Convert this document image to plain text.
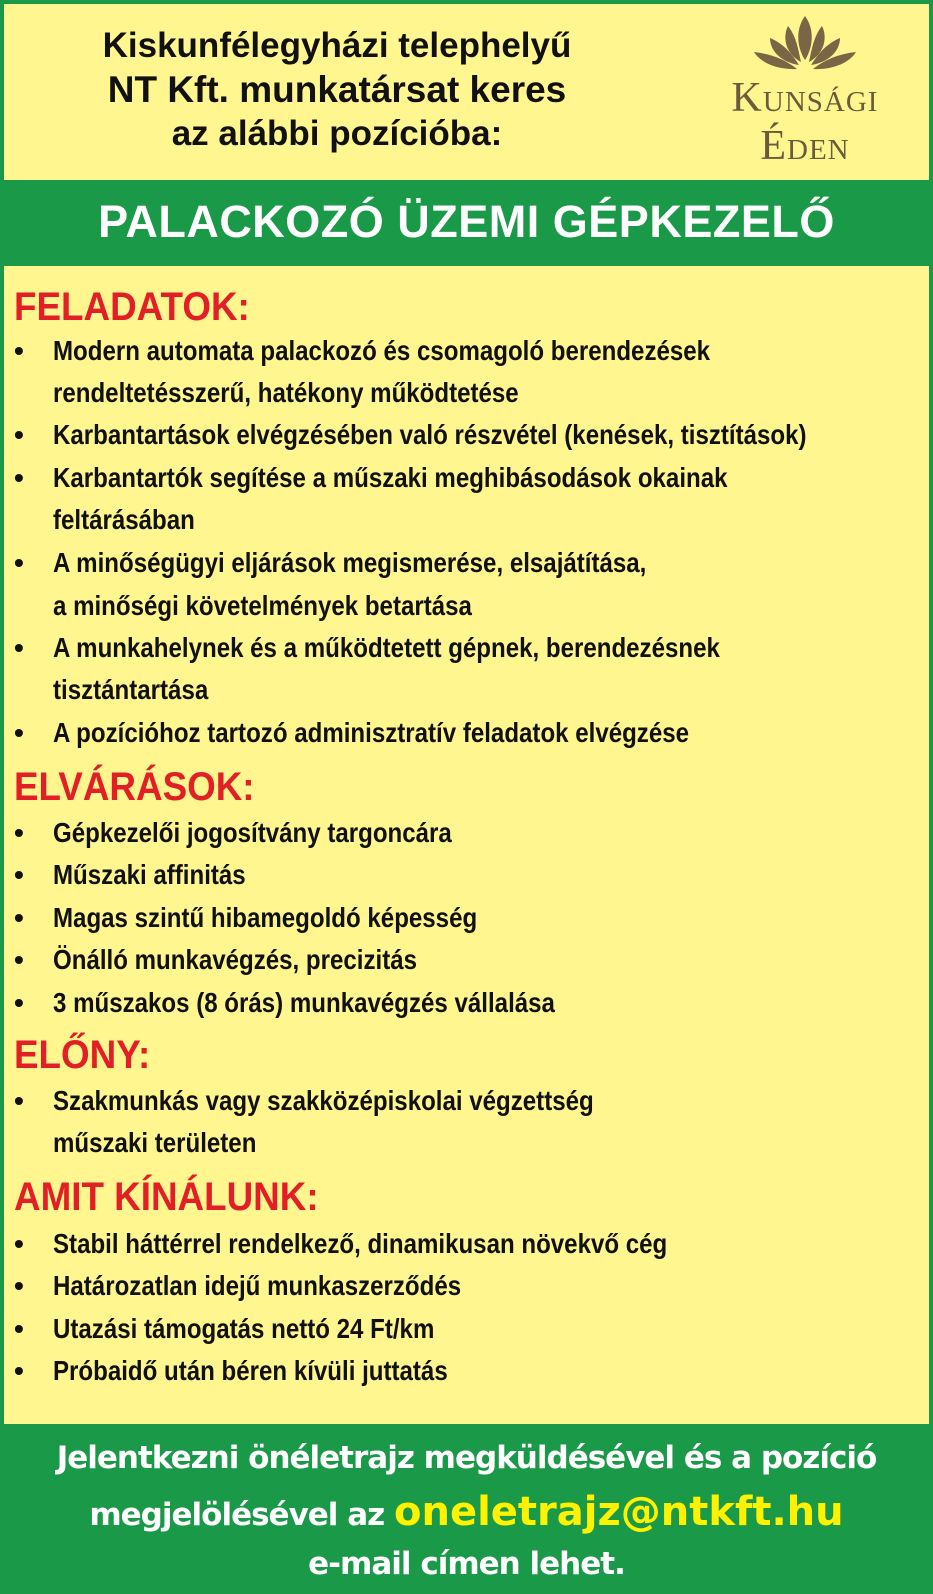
Kiskunfélegyházi telephelyű
NT Kft. munkatársat keres
az alábbi pozícióba:
Kunsági
Éden
PALACKOZÓ ÜZEMI GÉPKEZELŐ
FELADATOK:
•	Modern automata palackozó és csomagoló berendezések
rendeltetésszerű, hatékony működtetése
•	Karbantartások elvégzésében való részvétel (kenések, tisztítások)
•	Karbantartók segítése a műszaki meghibásodások okainak
feltárásában
•	A minőségügyi eljárások megismerése, elsajátítása,
a minőségi követelmények betartása
•	A munkahelynek és a működtetett gépnek, berendezésnek
tisztántartása
•	A pozícióhoz tartozó adminisztratív feladatok elvégzése
ELVÁRÁSOK:
•	Gépkezelői jogosítvány targoncára
•	Műszaki affinitás
•	Magas szintű hibamegoldó képesség
•	Önálló munkavégzés, precizitás
•	3 műszakos (8 órás) munkavégzés vállalása
ELŐNY:
•	Szakmunkás vagy szakközépiskolai végzettség
műszaki területen
AMIT KÍNÁLUNK:
•	Stabil háttérrel rendelkező, dinamikusan növekvő cég
•	Határozatlan idejű munkaszerződés
•	Utazási támogatás nettó 24 Ft/km
•	Próbaidő után béren kívüli juttatás
Jelentkezni önéletrajz megküldésével és a pozíció
megjelölésével az oneletrajz@ntkft.hu
e-mail címen lehet.
